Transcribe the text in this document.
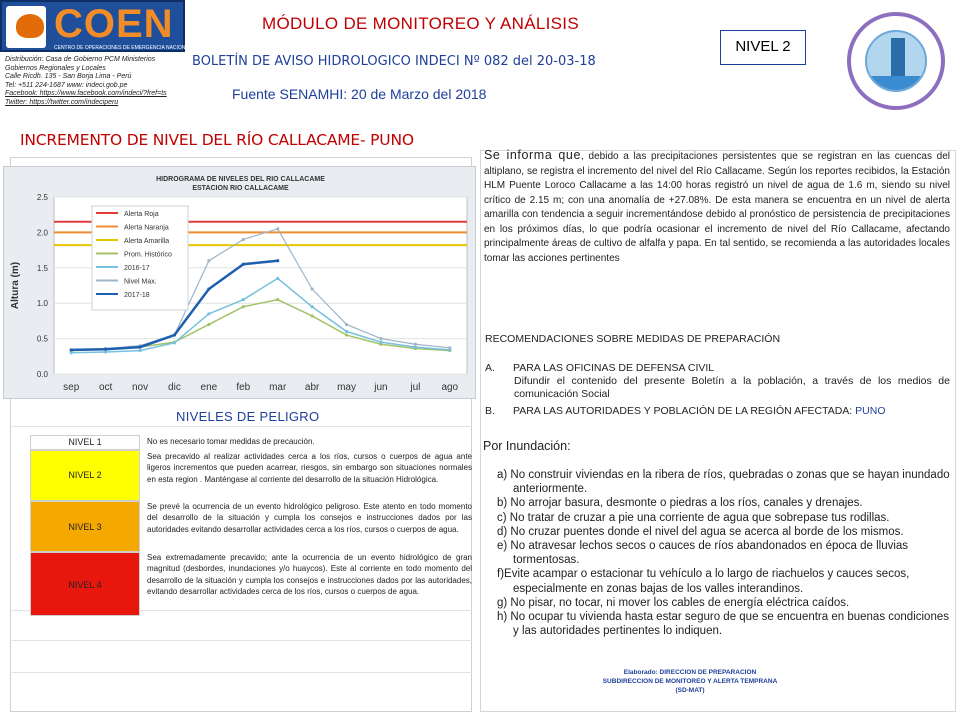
INDECI COEN
CENTRO DE OPERACIONES DE EMERGENCIA NACIONAL
Distribución: Casa de Gobierno PCM Ministerios
Gobiernos Regionales y Locales
Calle Ricdh. 135 - San Borja Lima - Perú
Tel: +511 224-1687 www: indeci.gob.pe
Facebook: https://www.facebook.com/indeci/?fref=ts
Twitter: https://twitter.com/indeciperu
MÓDULO DE MONITOREO Y ANÁLISIS
BOLETÍN DE AVISO HIDROLOGICO INDECI Nº 082 del 20-03-18
Fuente SENAMHI: 20 de Marzo del 2018
NIVEL 2
INCREMENTO DE NIVEL DEL RÍO CALLACAME- PUNO
HIDROGRAMA DE NIVELES DEL RIO CALLACAME
ESTACION RIO CALLACAME
0.0
0.5
1.0
1.5
2.0
2.5
Altura (m)
sep oct nov dic ene feb mar abr may jun jul ago
Alerta Roja
Alerta Naranja
Alerta Amarilla
Prom. Histórico
2016-17
Nivel Max.
2017-18
NIVELES DE PELIGRO
NIVEL 1
NIVEL 2
NIVEL 3
NIVEL 4
No es necesario tomar medidas de precaución.
Sea precavido al realizar actividades cerca a los ríos, cursos o cuerpos de agua ante ligeros incrementos que pueden acarrear, riesgos, sin embargo son situaciones normales en esta region . Manténgase al corriente del desarrollo de la situación Hidrológica.
Se prevé la ocurrencia de un evento hidrológico peligroso. Este atento en todo momento del desarrollo de la situación y cumpla los consejos e instrucciones dados por las autoridades evitando desarrollar actividades cerca a los ríos, cursos o cuerpos de agua.
Sea extremadamente precavido; ante la ocurrencia de un evento hidrológico de gran magnitud (desbordes, inundaciones y/o huaycos). Este al corriente en todo momento del desarrollo de la situación y cumpla los consejos e instrucciones dados por las autoridades, evitando desarrollar actividades cerca de los ríos, cursos o cuerpos de agua.
Se informa que, debido a las precipitaciones persistentes que se registran en las cuencas del altiplano, se registra el incremento del nivel del Río Callacame. Según los reportes recibidos, la Estación HLM Puente Loroco Callacame a las 14:00 horas registró un nivel de agua de 1.6 m, siendo su nivel crítico de 2.15 m; con una anomalía de +27.08%. De esta manera se encuentra en un nivel de alerta amarilla con tendencia a seguir incrementándose debido al pronóstico de persistencia de precipitaciones en los próximos días, lo que podría ocasionar el incremento de nivel del Río Callacame, afectando principalmente áreas de cultivo de alfalfa y papa. En tal sentido, se recomienda a las autoridades locales tomar las acciones pertinentes
RECOMENDACIONES SOBRE MEDIDAS DE PREPARACIÓN
A. PARA LAS OFICINAS DE DEFENSA CIVIL
Difundir el contenido del presente Boletín a la población, a través de los medios de comunicación Social
B. PARA LAS AUTORIDADES Y POBLACIÓN DE LA REGIÓN AFECTADA: PUNO
Por Inundación:
a) No construir viviendas en la ribera de ríos, quebradas o zonas que se hayan inundado anteriormente.
b) No arrojar basura, desmonte o piedras a los ríos, canales y drenajes.
c) No tratar de cruzar a pie una corriente de agua que sobrepase tus rodillas.
d) No cruzar puentes donde el nivel del agua se acerca al borde de los mismos.
e) No atravesar lechos secos o cauces de ríos abandonados en época de lluvias tormentosas.
f)Evite acampar o estacionar tu vehículo a lo largo de riachuelos y cauces secos, especialmente en zonas bajas de los valles interandinos.
g) No pisar, no tocar, ni mover los cables de energía eléctrica caídos.
h) No ocupar tu vivienda hasta estar seguro de que se encuentra en buenas condiciones y las autoridades pertinentes lo indiquen.
Elaborado: DIRECCION DE PREPARACION
SUBDIRECCION DE MONITOREO Y ALERTA TEMPRANA
(SD-MAT)
